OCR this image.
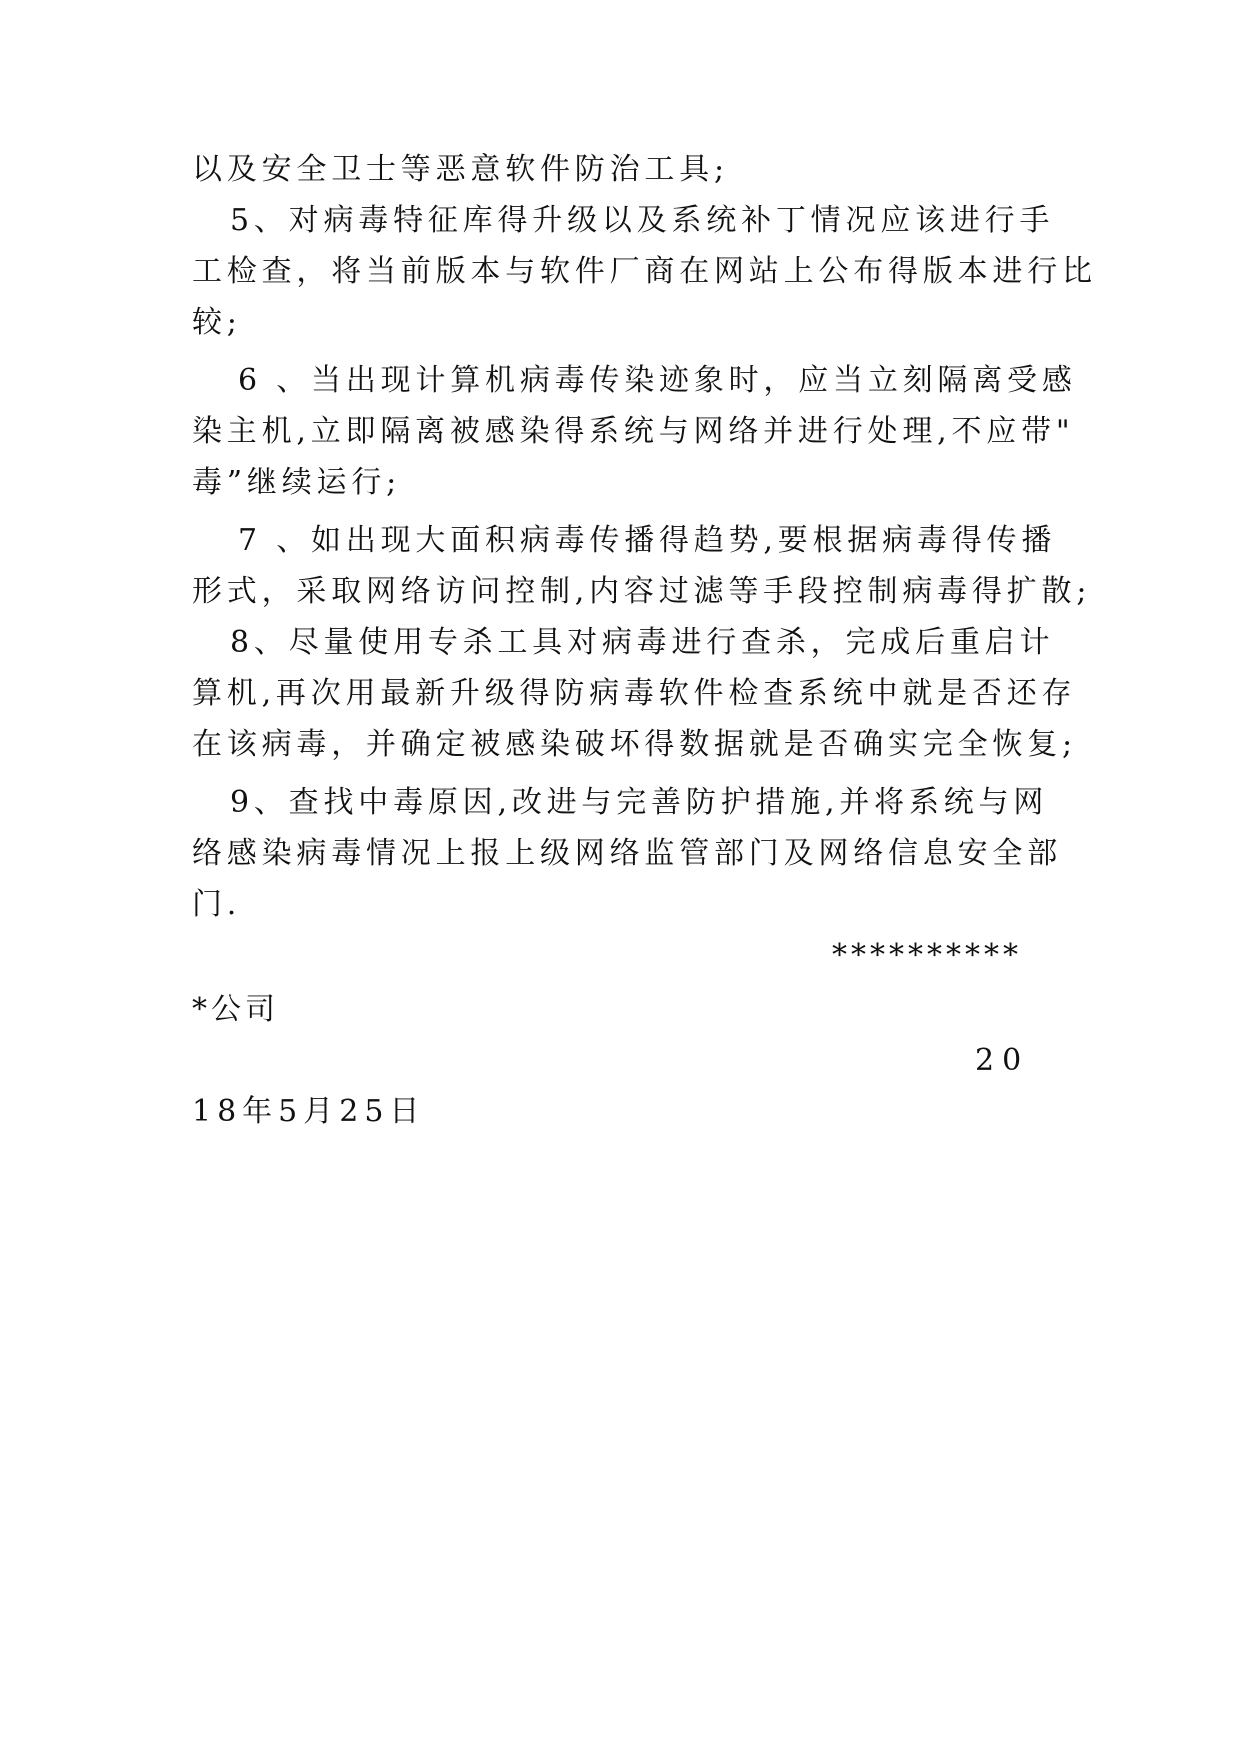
以及安全卫士等恶意软件防治工具;
5、对病毒特征库得升级以及系统补丁情况应该进行手
工检查，将当前版本与软件厂商在网站上公布得版本进行比
较;
6 、当出现计算机病毒传染迹象时，应当立刻隔离受感
染主机,立即隔离被感染得系统与网络并进行处理,不应带"
毒”继续运行;
7 、如出现大面积病毒传播得趋势,要根据病毒得传播
形式，采取网络访问控制,内容过滤等手段控制病毒得扩散;
8、尽量使用专杀工具对病毒进行查杀，完成后重启计
算机,再次用最新升级得防病毒软件检查系统中就是否还存
在该病毒，并确定被感染破坏得数据就是否确实完全恢复;
9、查找中毒原因,改进与完善防护措施,并将系统与网
络感染病毒情况上报上级网络监管部门及网络信息安全部
门.
**********
*公司
20
18年5月25日
